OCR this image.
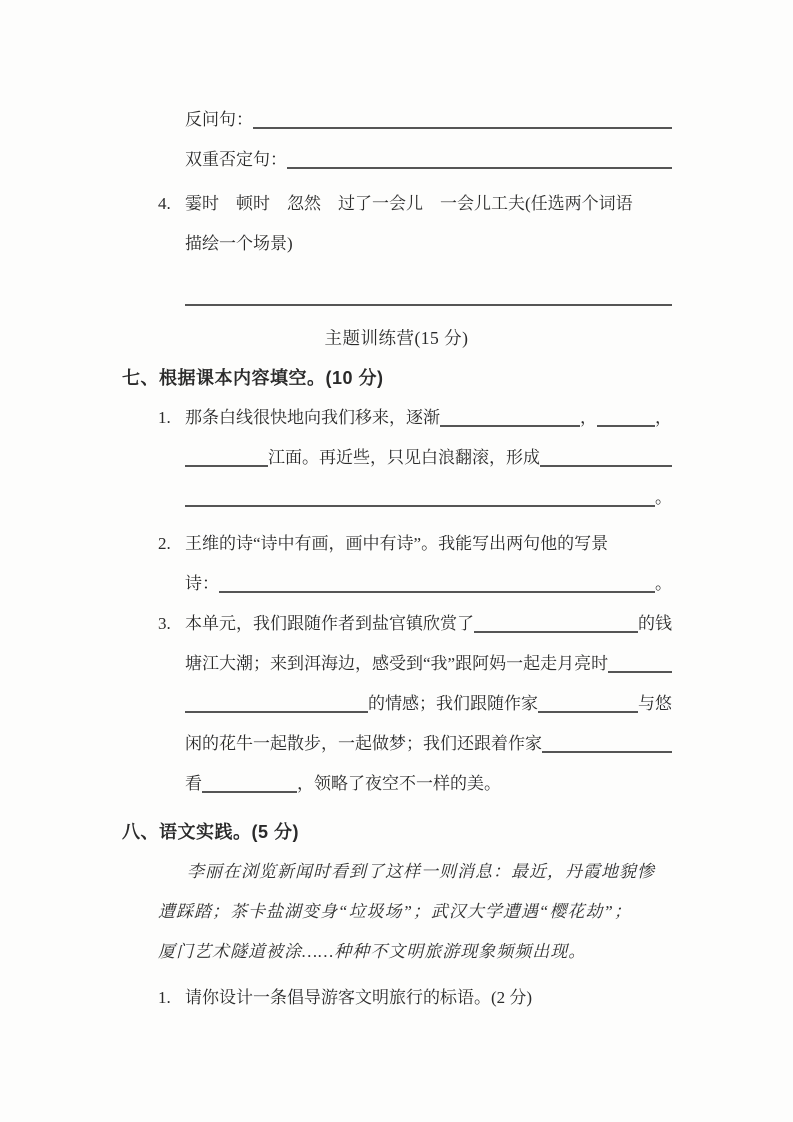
反问句：
双重否定句：
4. 霎时　顿时　忽然　过了一会儿　一会儿工夫(任选两个词语
描绘一个场景)
主题训练营(15 分)
七、根据课本内容填空。(10 分)
1. 那条白线很快地向我们移来，逐渐	，	，
江面。再近些，只见白浪翻滚，形成
。
2. 王维的诗“诗中有画，画中有诗”。我能写出两句他的写景
诗：	。
3. 本单元，我们跟随作者到盐官镇欣赏了	的钱
塘江大潮；来到洱海边，感受到“我”跟阿妈一起走月亮时
的情感；我们跟随作家	与悠
闲的花牛一起散步，一起做梦；我们还跟着作家
看	，领略了夜空不一样的美。
八、语文实践。(5 分)
李丽在浏览新闻时看到了这样一则消息：最近，丹霞地貌惨
遭踩踏；茶卡盐湖变身“垃圾场”；武汉大学遭遇“樱花劫”；
厦门艺术隧道被涂……种种不文明旅游现象频频出现。
1. 请你设计一条倡导游客文明旅行的标语。(2 分)
